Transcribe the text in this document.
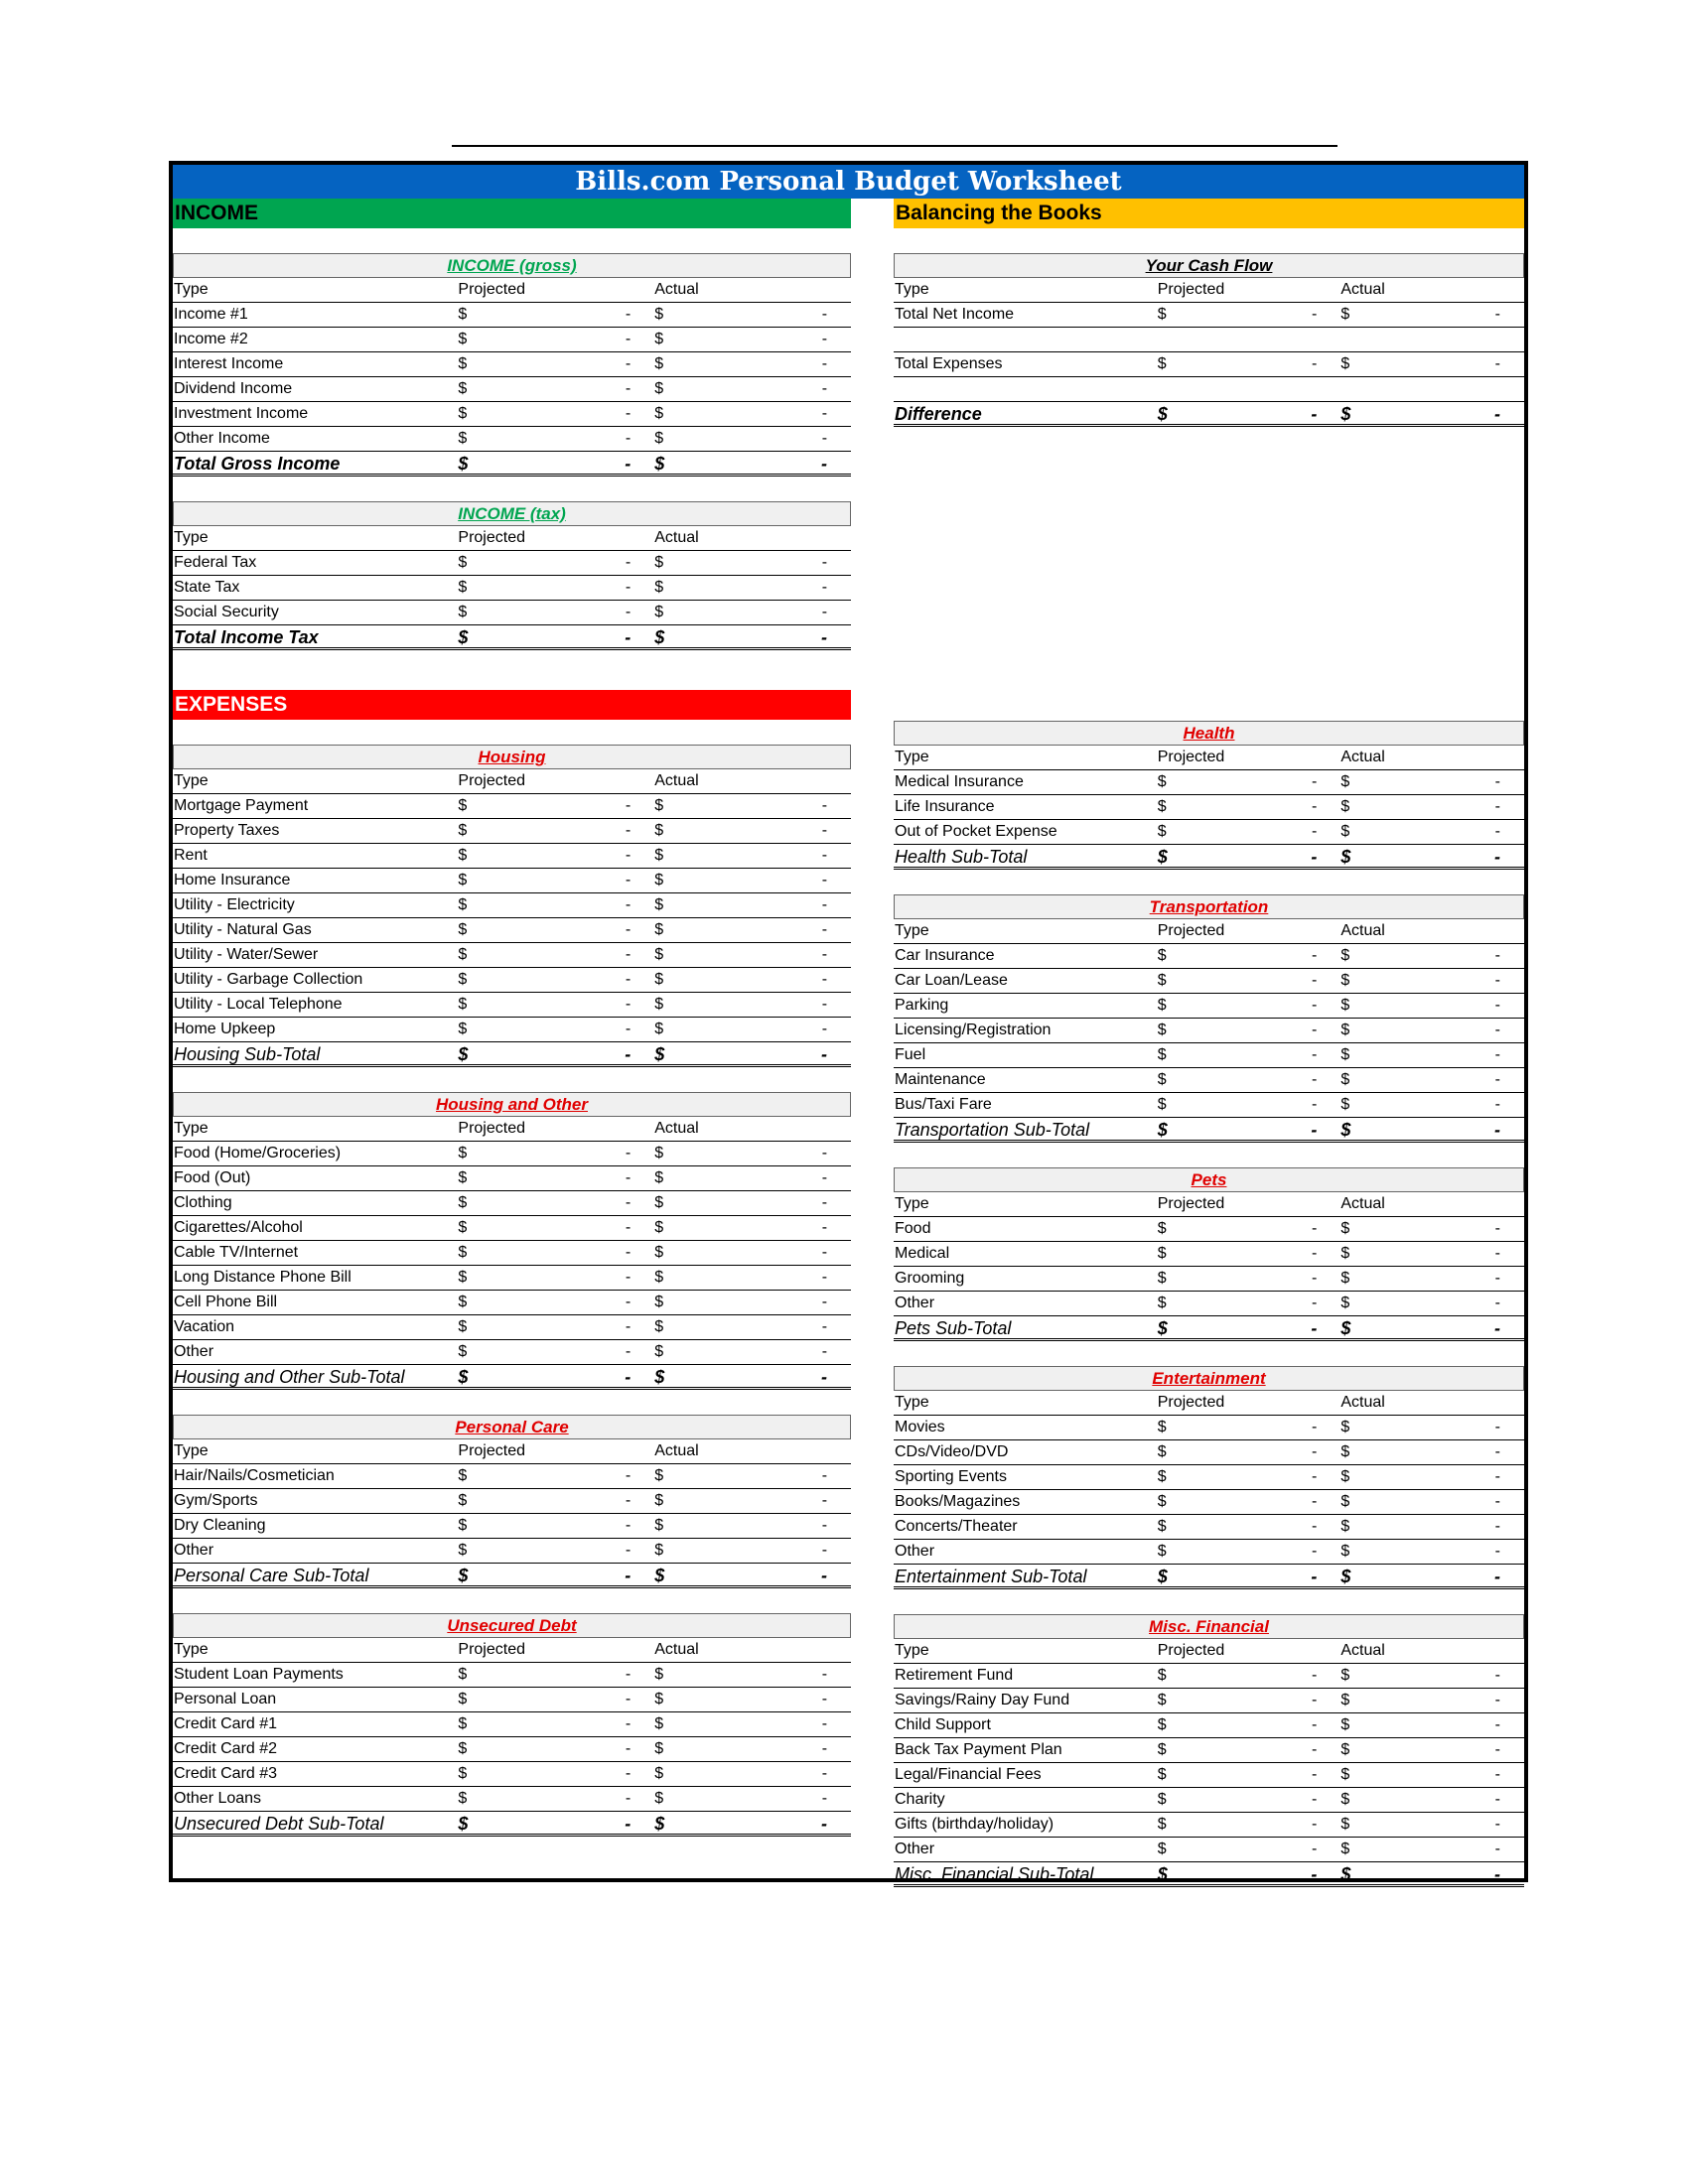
Bills.com Personal Budget Worksheet
INCOME
INCOME (gross)
Type	Projected	Actual
Income #1	$	- $	-
Income #2	$	- $	-
Interest Income	$	- $	-
Dividend Income	$	- $	-
Investment Income	$	- $	-
Other Income	$	- $	-
Total Gross Income	$	- $	-
INCOME (tax)
Type	Projected	Actual
Federal Tax	$	- $	-
State Tax	$	- $	-
Social Security	$	- $	-
Total Income Tax	$	- $	-
EXPENSES
Housing
Type	Projected	Actual
Mortgage Payment	$	- $	-
Property Taxes	$	- $	-
Rent	$	- $	-
Home Insurance	$	- $	-
Utility - Electricity	$	- $	-
Utility - Natural Gas	$	- $	-
Utility - Water/Sewer	$	- $	-
Utility - Garbage Collection	$	- $	-
Utility - Local Telephone	$	- $	-
Home Upkeep	$	- $	-
Housing Sub-Total	$	- $	-
Housing and Other
Type	Projected	Actual
Food (Home/Groceries)	$	- $	-
Food (Out)	$	- $	-
Clothing	$	- $	-
Cigarettes/Alcohol	$	- $	-
Cable TV/Internet	$	- $	-
Long Distance Phone Bill	$	- $	-
Cell Phone Bill	$	- $	-
Vacation	$	- $	-
Other	$	- $	-
Housing and Other Sub-Total	$	- $	-
Personal Care
Type	Projected	Actual
Hair/Nails/Cosmetician	$	- $	-
Gym/Sports	$	- $	-
Dry Cleaning	$	- $	-
Other	$	- $	-
Personal Care Sub-Total	$	- $	-
Unsecured Debt
Type	Projected	Actual
Student Loan Payments	$	- $	-
Personal Loan	$	- $	-
Credit Card #1	$	- $	-
Credit Card #2	$	- $	-
Credit Card #3	$	- $	-
Other Loans	$	- $	-
Unsecured Debt Sub-Total	$	- $	-
Balancing the Books
Your Cash Flow
Type	Projected	Actual
Total Net Income	$	- $	-
Total Expenses	$	- $	-
Difference	$	- $	-
Health
Type	Projected	Actual
Medical Insurance	$	- $	-
Life Insurance	$	- $	-
Out of Pocket Expense	$	- $	-
Health Sub-Total	$	- $	-
Transportation
Type	Projected	Actual
Car Insurance	$	- $	-
Car Loan/Lease	$	- $	-
Parking	$	- $	-
Licensing/Registration	$	- $	-
Fuel	$	- $	-
Maintenance	$	- $	-
Bus/Taxi Fare	$	- $	-
Transportation Sub-Total	$	- $	-
Pets
Type	Projected	Actual
Food	$	- $	-
Medical	$	- $	-
Grooming	$	- $	-
Other	$	- $	-
Pets Sub-Total	$	- $	-
Entertainment
Type	Projected	Actual
Movies	$	- $	-
CDs/Video/DVD	$	- $	-
Sporting Events	$	- $	-
Books/Magazines	$	- $	-
Concerts/Theater	$	- $	-
Other	$	- $	-
Entertainment Sub-Total	$	- $	-
Misc. Financial
Type	Projected	Actual
Retirement Fund	$	- $	-
Savings/Rainy Day Fund	$	- $	-
Child Support	$	- $	-
Back Tax Payment Plan	$	- $	-
Legal/Financial Fees	$	- $	-
Charity	$	- $	-
Gifts (birthday/holiday)	$	- $	-
Other	$	- $	-
Misc. Financial Sub-Total	$	- $	-
